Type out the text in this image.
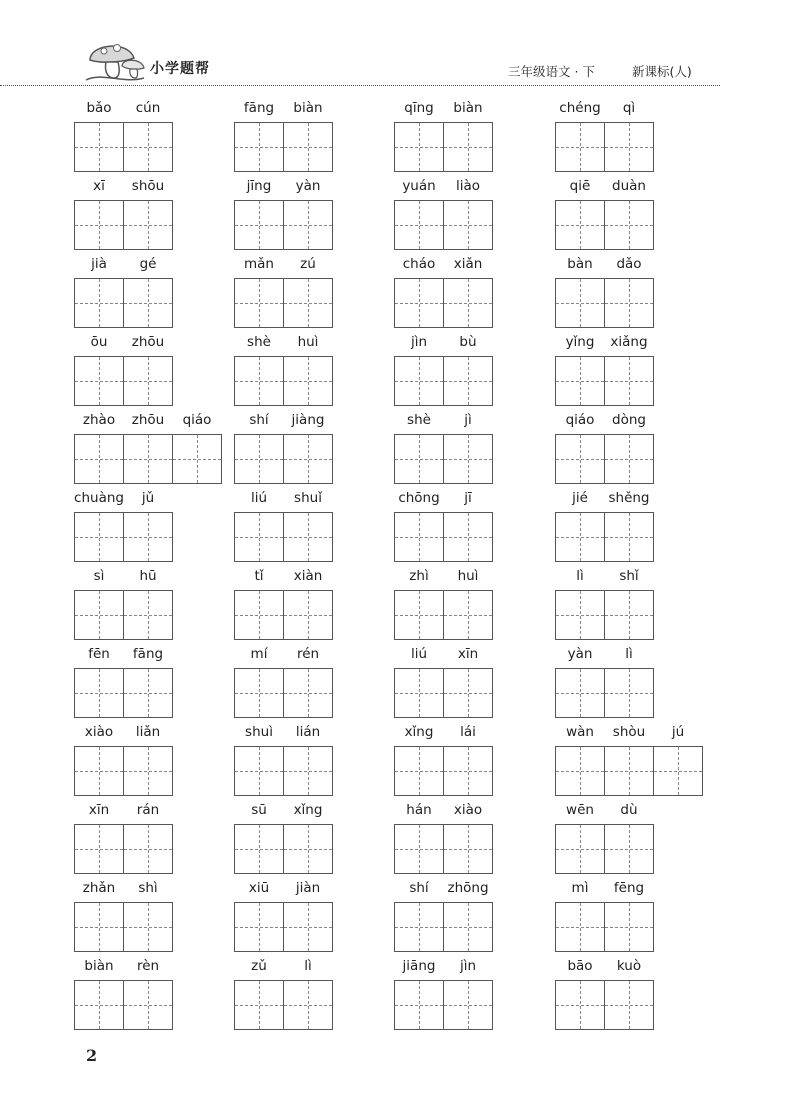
小学题帮	三年级语文 · 下	新课标(人)
bǎo	cún	fāng	biàn	qīng	biàn	chéng	qì
xī	shōu	jīng	yàn	yuán	liào	qiē	duàn
jià	gé	mǎn	zú	cháo	xiǎn	bàn	dǎo
ōu	zhōu	shè	huì	jìn	bù	yǐng	xiǎng
zhào	zhōu	qiáo	shí	jiàng	shè	jì	qiáo	dòng
chuàng	jǔ	liú	shuǐ	chōng	jī	jié	shěng
sì	hū	tǐ	xiàn	zhì	huì	lì	shǐ
fēn	fāng	mí	rén	liú	xīn	yàn	lì
xiào	liǎn	shuì	lián	xǐng	lái	wàn	shòu	jú
xīn	rán	sū	xǐng	hán	xiào	wēn	dù
zhǎn	shì	xiū	jiàn	shí	zhōng	mì	fēng
biàn	rèn	zǔ	lì	jiāng	jìn	bāo	kuò
2
